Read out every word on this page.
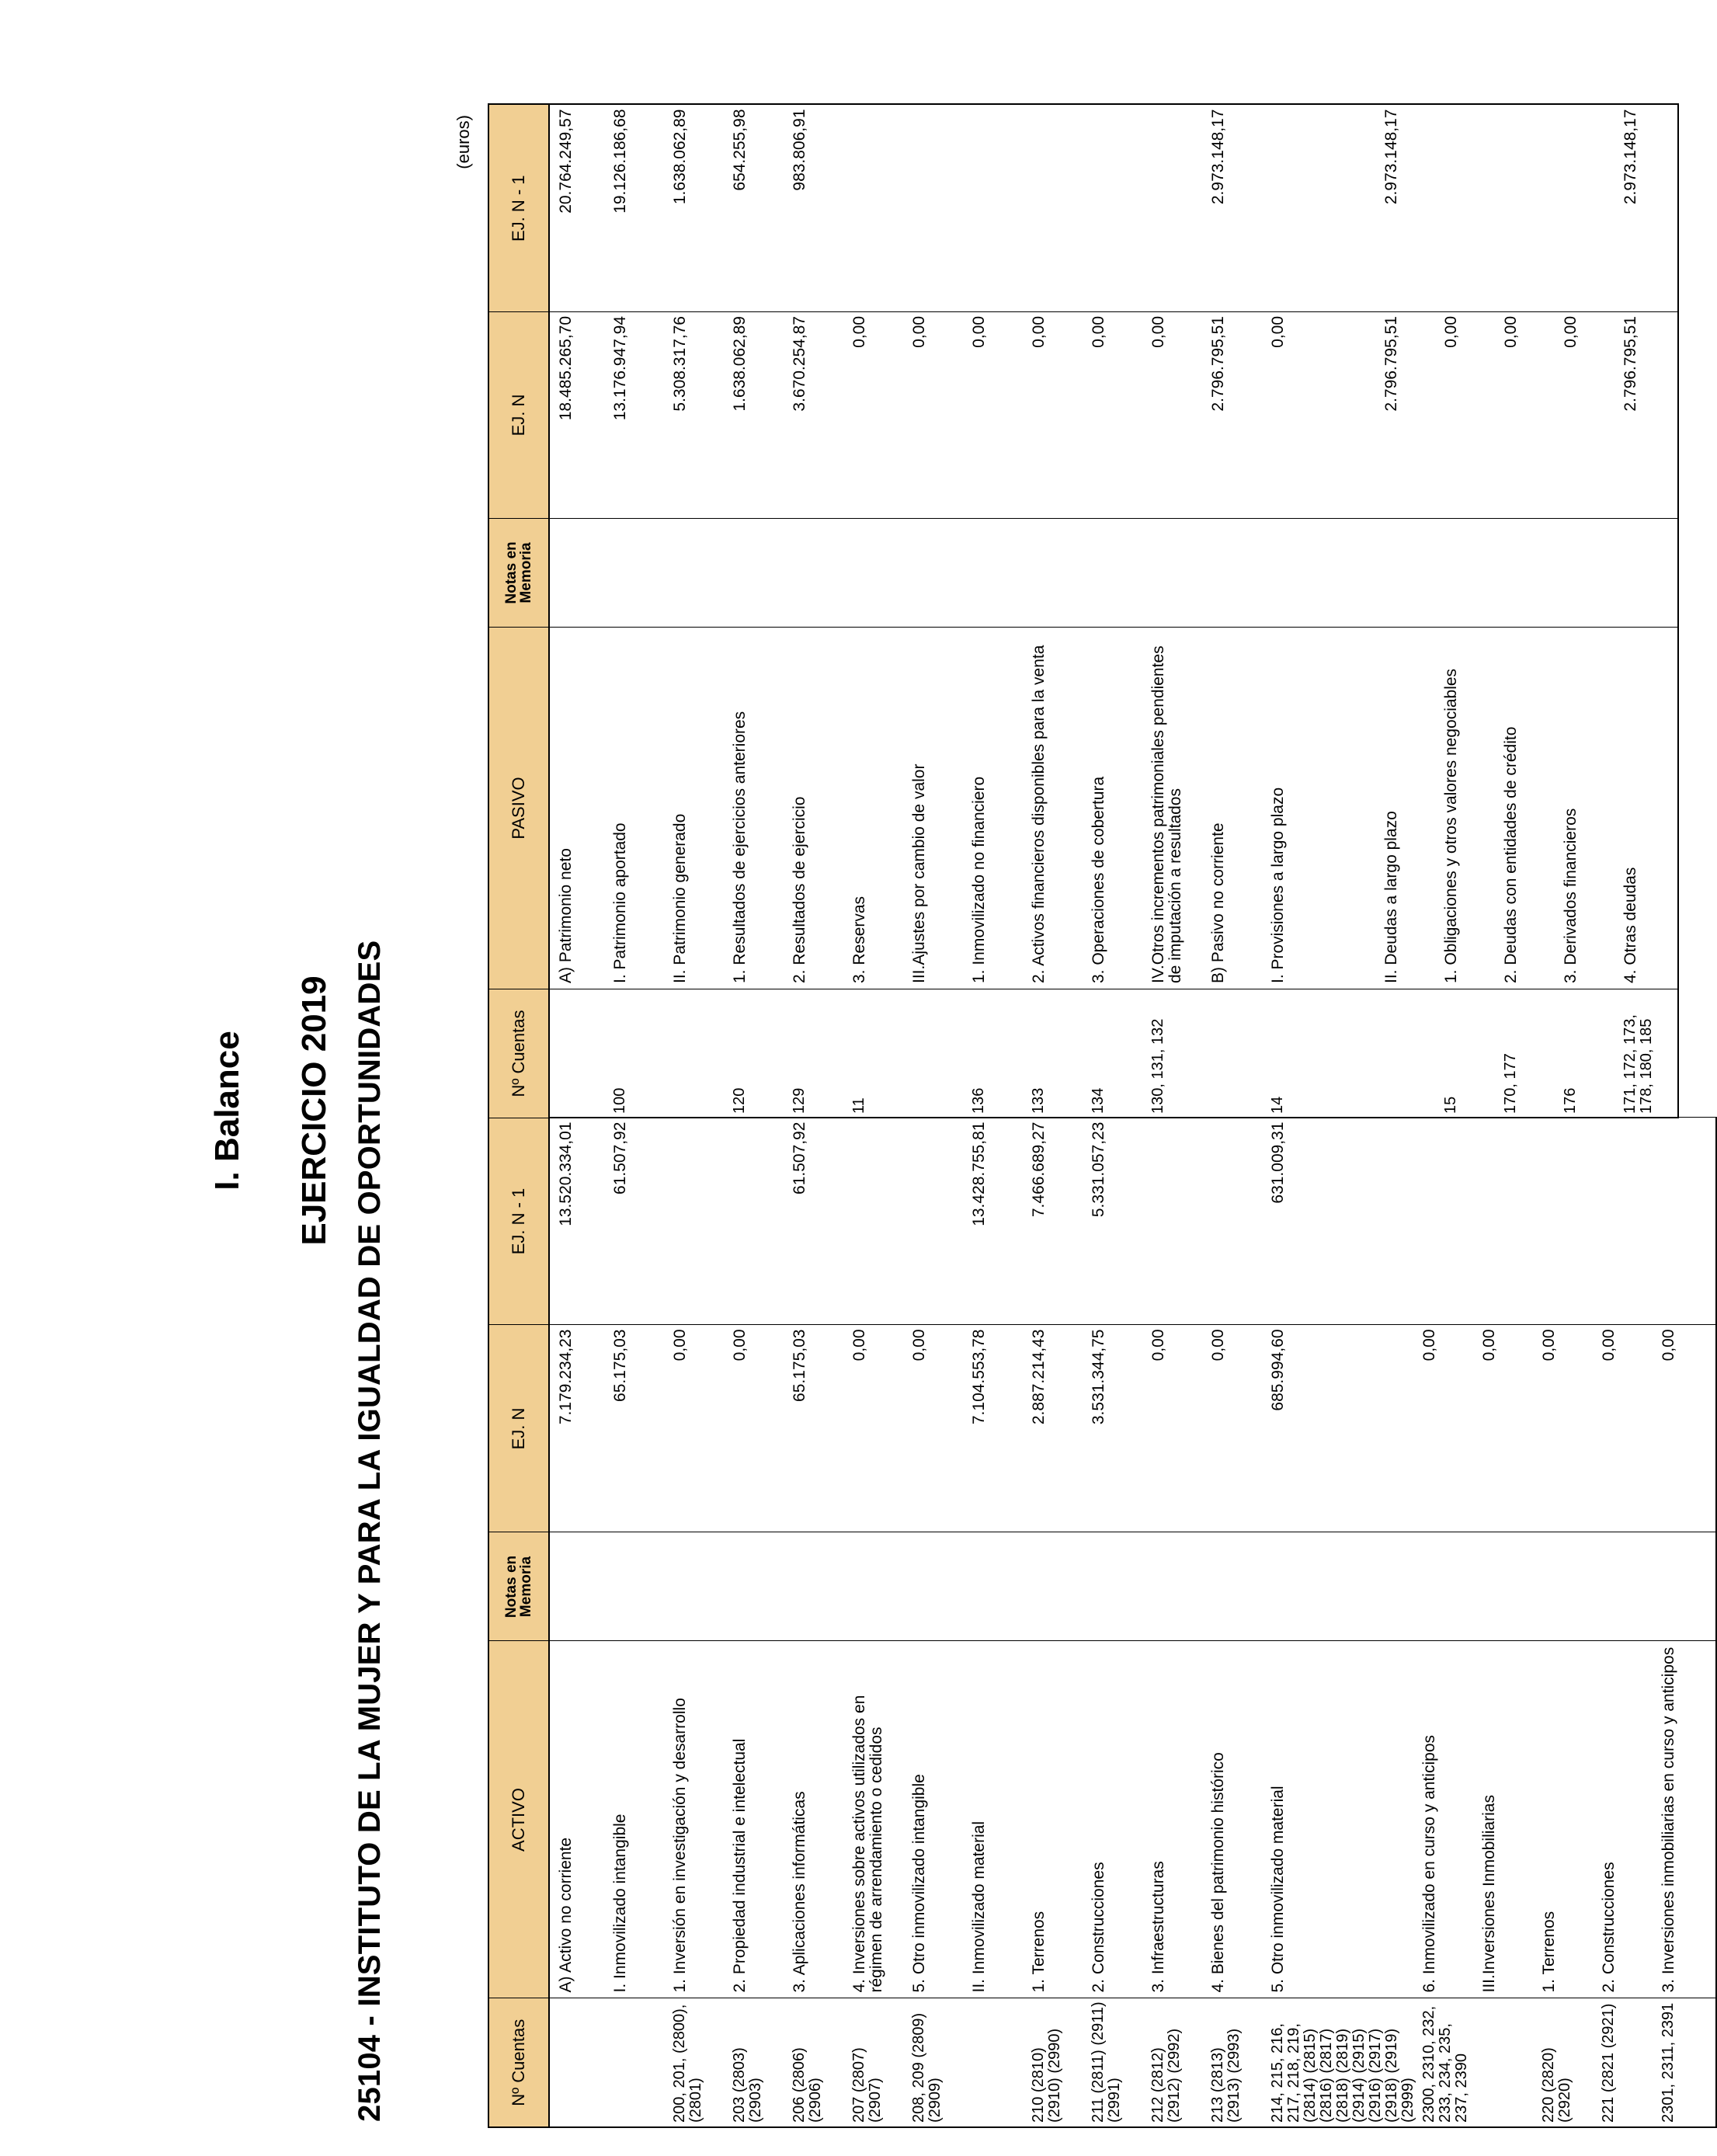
I. Balance EJERCICIO 2019 25104 - INSTITUTO DE LA MUJER Y PARA LA IGUALDAD DE OPORTUNIDADES
(euros)
Nº Cuentas	ACTIVO	Notas en Memoria	EJ. N	EJ. N - 1
	A) Activo no corriente		7.179.234,23	13.520.334,01
	I. Inmovilizado intangible		65.175,03	61.507,92
200, 201, (2800), (2801)	1. Inversión en investigación y desarrollo		0,00	
203 (2803) (2903)	2. Propiedad industrial e intelectual		0,00	
206 (2806) (2906)	3. Aplicaciones informáticas		65.175,03	61.507,92
207 (2807) (2907)	4. Inversiones sobre activos utilizados en régimen de arrendamiento o cedidos		0,00	
208, 209 (2809) (2909)	5. Otro inmovilizado intangible		0,00	
	II. Inmovilizado material		7.104.553,78	13.428.755,81
210 (2810) (2910) (2990)	1. Terrenos		2.887.214,43	7.466.689,27
211 (2811) (2911) (2991)	2. Construcciones		3.531.344,75	5.331.057,23
212 (2812) (2912) (2992)	3. Infraestructuras		0,00	
213 (2813) (2913) (2993)	4. Bienes del patrimonio histórico		0,00	
214, 215, 216, 217, 218, 219, (2814) (2815) (2816) (2817) (2818) (2819) (2914) (2915) (2916) (2917) (2918) (2919) (2999)	5. Otro inmovilizado material		685.994,60	631.009,31
2300, 2310, 232, 233, 234, 235, 237, 2390	6. Inmovilizado en curso y anticipos		0,00	
	III.Inversiones Inmobiliarias		0,00	
220 (2820) (2920)	1. Terrenos		0,00	
221 (2821 (2921)	2. Construcciones		0,00	
2301, 2311, 2391	3. Inversiones inmobiliarias en curso y anticipos		0,00	
Nº Cuentas	PASIVO	Notas en Memoria	EJ. N	EJ. N - 1
	A) Patrimonio neto		18.485.265,70	20.764.249,57
100	I. Patrimonio aportado		13.176.947,94	19.126.186,68
	II. Patrimonio generado		5.308.317,76	1.638.062,89
120	1. Resultados de ejercicios anteriores		1.638.062,89	654.255,98
129	2. Resultados de ejercicio		3.670.254,87	983.806,91
11	3. Reservas		0,00	
	III.Ajustes por cambio de valor		0,00	
136	1. Inmovilizado no financiero		0,00	
133	2. Activos financieros disponibles para la venta		0,00	
134	3. Operaciones de cobertura		0,00	
130, 131, 132	IV.Otros incrementos patrimoniales pendientes de imputación a resultados		0,00	
	B) Pasivo no corriente		2.796.795,51	2.973.148,17
14	I. Provisiones a largo plazo		0,00	
	II. Deudas a largo plazo		2.796.795,51	2.973.148,17
15	1. Obligaciones y otros valores negociables		0,00	
170, 177	2. Deudas con entidades de crédito		0,00	
176	3. Derivados financieros		0,00	
171, 172, 173, 178, 180, 185	4. Otras deudas		2.796.795,51	2.973.148,17
